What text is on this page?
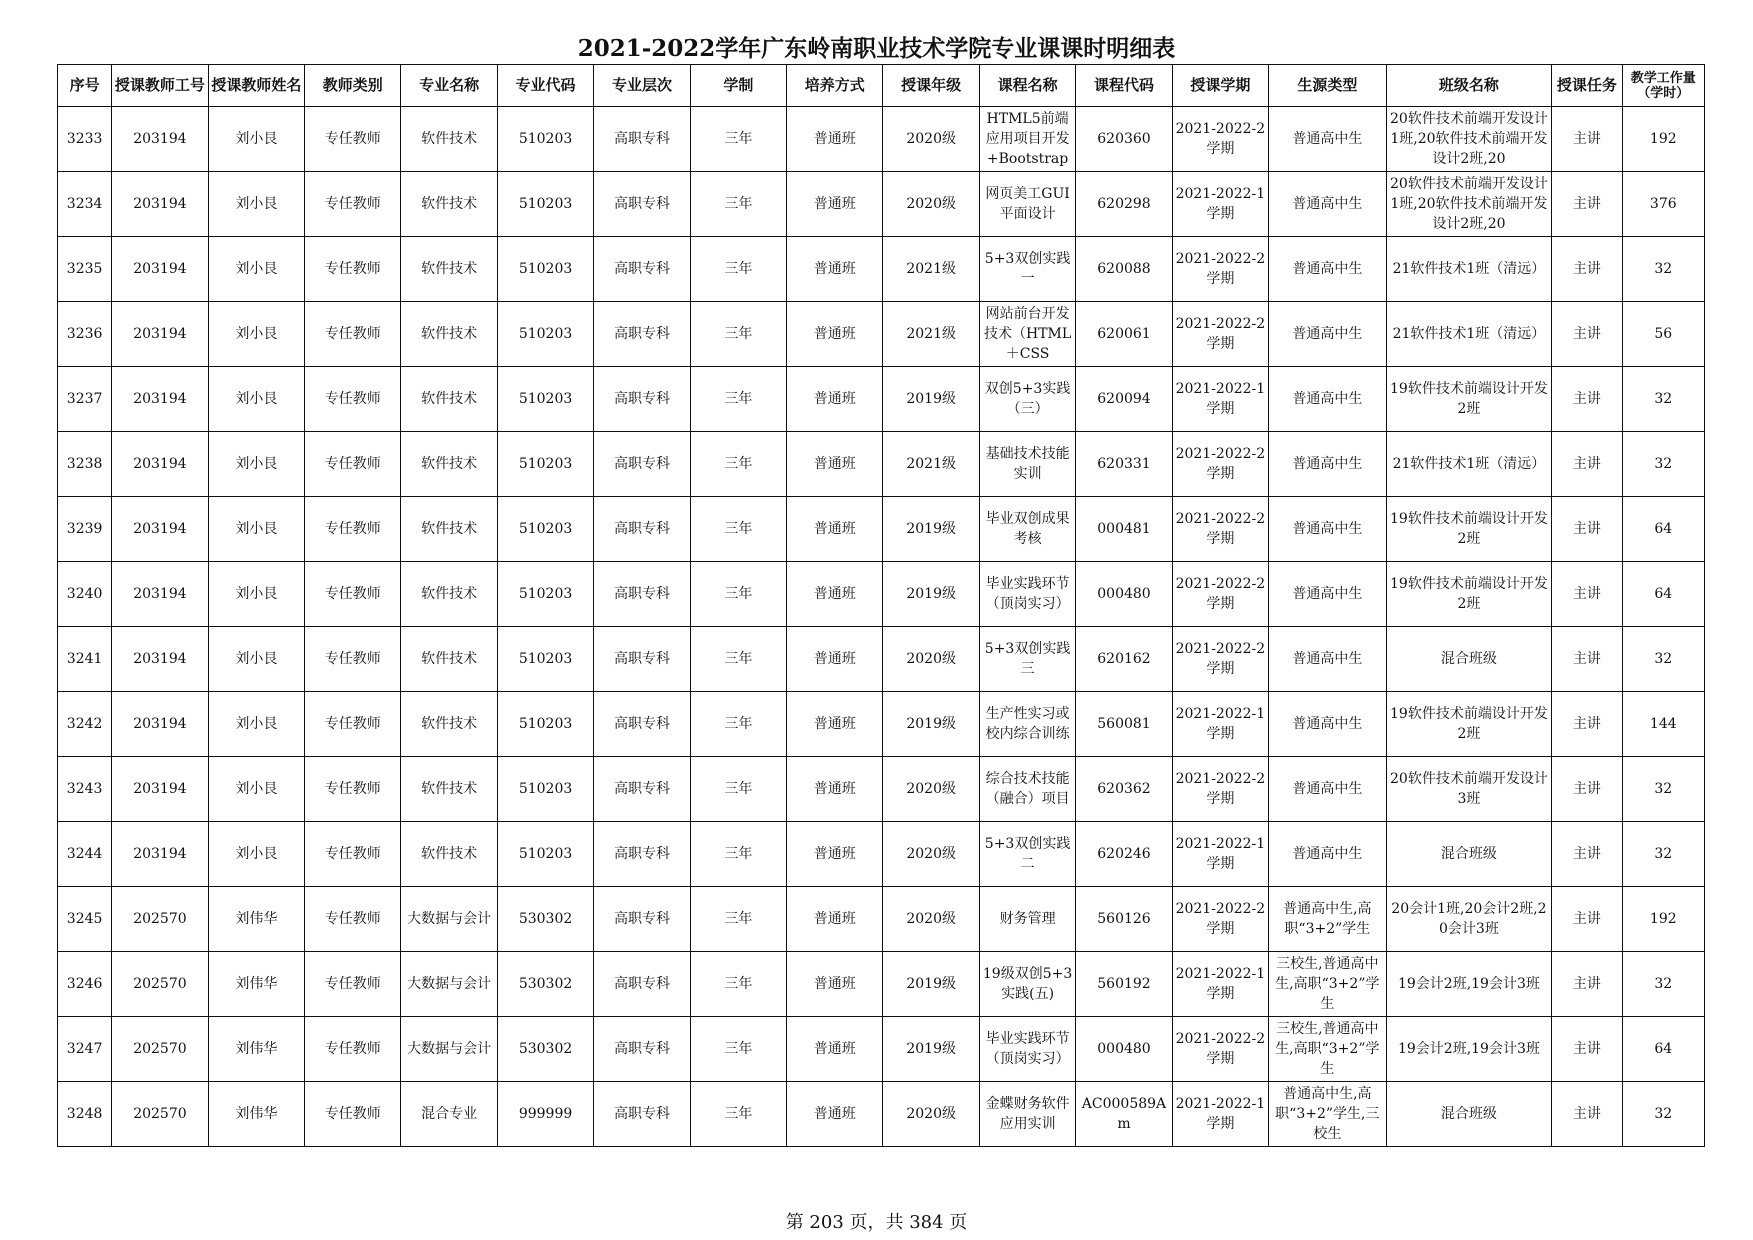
2021-2022学年广东岭南职业技术学院专业课课时明细表
序号	授课教师工号	授课教师姓名	教师类别	专业名称	专业代码	专业层次	学制	培养方式	授课年级	课程名称	课程代码	授课学期	生源类型	班级名称	授课任务	教学工作量（学时）

3233	203194	刘小艮	专任教师	软件技术	510203	高职专科	三年	普通班	2020级	HTML5前端应用项目开发+Bootstrap	620360	2021-2022-2学期	普通高中生	20软件技术前端开发设计1班,20软件技术前端开发设计2班,20	主讲	192

3234	203194	刘小艮	专任教师	软件技术	510203	高职专科	三年	普通班	2020级	网页美工GUI平面设计	620298	2021-2022-1学期	普通高中生	20软件技术前端开发设计1班,20软件技术前端开发设计2班,20	主讲	376

3235	203194	刘小艮	专任教师	软件技术	510203	高职专科	三年	普通班	2021级	5+3双创实践一	620088	2021-2022-2学期	普通高中生	21软件技术1班（清远）	主讲	32

3236	203194	刘小艮	专任教师	软件技术	510203	高职专科	三年	普通班	2021级	网站前台开发技术（HTML＋CSS	620061	2021-2022-2学期	普通高中生	21软件技术1班（清远）	主讲	56

3237	203194	刘小艮	专任教师	软件技术	510203	高职专科	三年	普通班	2019级	双创5+3实践（三）	620094	2021-2022-1学期	普通高中生	19软件技术前端设计开发2班	主讲	32

3238	203194	刘小艮	专任教师	软件技术	510203	高职专科	三年	普通班	2021级	基础技术技能实训	620331	2021-2022-2学期	普通高中生	21软件技术1班（清远）	主讲	32

3239	203194	刘小艮	专任教师	软件技术	510203	高职专科	三年	普通班	2019级	毕业双创成果考核	000481	2021-2022-2学期	普通高中生	19软件技术前端设计开发2班	主讲	64

3240	203194	刘小艮	专任教师	软件技术	510203	高职专科	三年	普通班	2019级	毕业实践环节（顶岗实习）	000480	2021-2022-2学期	普通高中生	19软件技术前端设计开发2班	主讲	64

3241	203194	刘小艮	专任教师	软件技术	510203	高职专科	三年	普通班	2020级	5+3双创实践三	620162	2021-2022-2学期	普通高中生	混合班级	主讲	32

3242	203194	刘小艮	专任教师	软件技术	510203	高职专科	三年	普通班	2019级	生产性实习或校内综合训练	560081	2021-2022-1学期	普通高中生	19软件技术前端设计开发2班	主讲	144

3243	203194	刘小艮	专任教师	软件技术	510203	高职专科	三年	普通班	2020级	综合技术技能（融合）项目	620362	2021-2022-2学期	普通高中生	20软件技术前端开发设计3班	主讲	32

3244	203194	刘小艮	专任教师	软件技术	510203	高职专科	三年	普通班	2020级	5+3双创实践二	620246	2021-2022-1学期	普通高中生	混合班级	主讲	32

3245	202570	刘伟华	专任教师	大数据与会计	530302	高职专科	三年	普通班	2020级	财务管理	560126	2021-2022-2学期	普通高中生,高职“3+2”学生	20会计1班,20会计2班,20会计3班	主讲	192

3246	202570	刘伟华	专任教师	大数据与会计	530302	高职专科	三年	普通班	2019级	19级双创5+3实践(五)	560192	2021-2022-1学期	三校生,普通高中生,高职“3+2”学生	19会计2班,19会计3班	主讲	32

3247	202570	刘伟华	专任教师	大数据与会计	530302	高职专科	三年	普通班	2019级	毕业实践环节（顶岗实习）	000480	2021-2022-2学期	三校生,普通高中生,高职“3+2”学生	19会计2班,19会计3班	主讲	64

3248	202570	刘伟华	专任教师	混合专业	999999	高职专科	三年	普通班	2020级	金蝶财务软件应用实训	AC000589Am	2021-2022-1学期	普通高中生,高职“3+2”学生,三校生	混合班级	主讲	32
第 203 页，共 384 页
